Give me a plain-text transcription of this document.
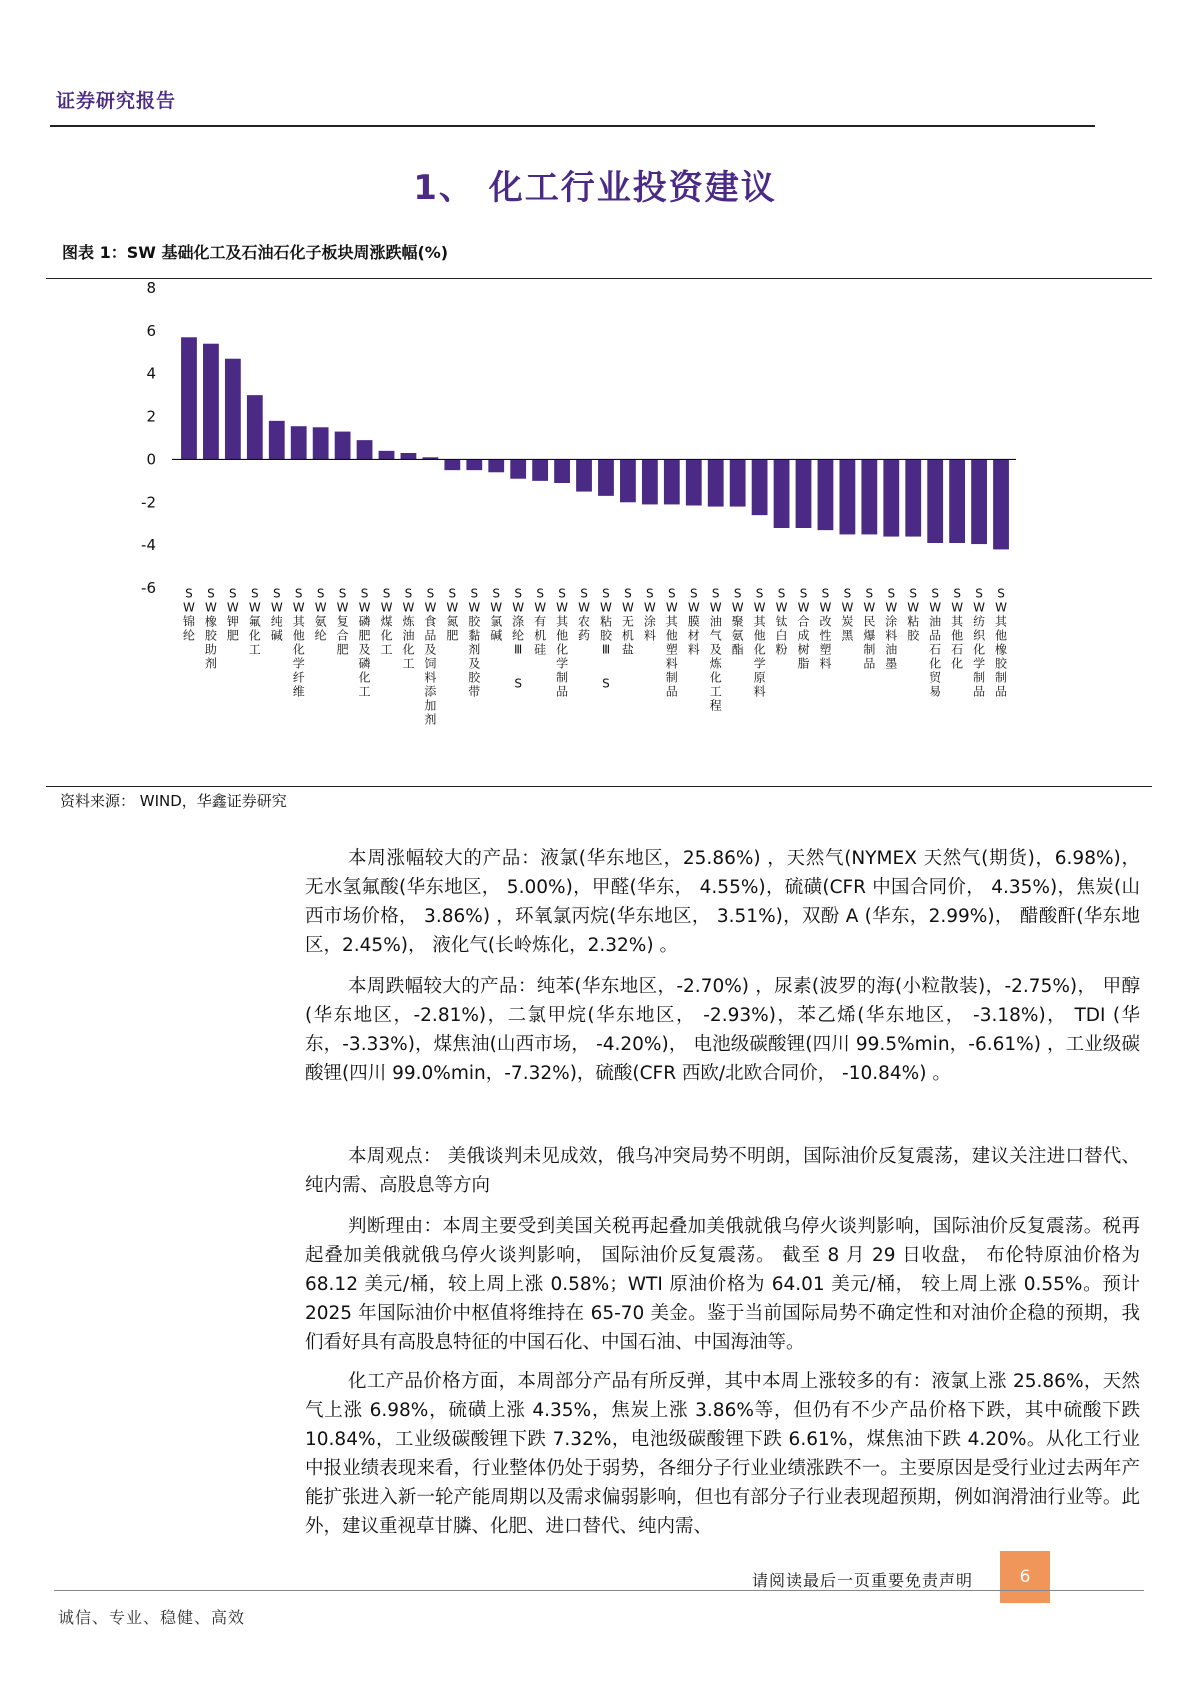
证券研究报告
1、 化工行业投资建议
图表 1：SW 基础化工及石油石化子板块周涨跌幅(%)
8
6
4
2
0
-2
-4
-6 S
W
锦
纶
S
W
橡
胶
助
剂
S
W
钾
肥
S
W
氟
化
工
S
W
纯
碱
S
W
其
他
化
学
纤
维
S
W
氨
纶
S
W
复
合
肥
S
W
磷
肥
及
磷
化
工
S
W
煤
化
工
S
W
炼
油
化
工
S
W
食
品
及
饲
料
添
加
剂
S
W
氮
肥
S
W
胶
黏
剂
及
胶
带
S
W
氯
碱
S
W
涤
纶
Ⅲ
S
S
W
有
机
硅
S
W
其
他
化
学
制
品
S
W
农
药
S
W
粘
胶
Ⅲ
S
S
W
无
机
盐
S
W
涂
料
S
W
其
他
塑
料
制
品
S
W
膜
材
料
S
W
油
气
及
炼
化
工
程
S
W
聚
氨
酯
S
W
其
他
化
学
原
料
S
W
钛
白
粉
S
W
合
成
树
脂
S
W
改
性
塑
料
S
W
炭
黑
S
W
民
爆
制
品
S
W
涂
料
油
墨
S
W
粘
胶
S
W
油
品
石
化
贸
易
S
W
其
他
石
化
S
W
纺
织
化
学
制
品
S
W
其
他
橡
胶
制
品
资料来源： WIND，华鑫证券研究

本周涨幅较大的产品：液氯(华东地区，25.86%) ，天然气(NYMEX 天然气(期货)，6.98%)， 无水氢氟酸(华东地区， 5.00%)，甲醛(华东， 4.55%)，硫磺(CFR 中国合同价， 4.35%)，焦炭(山西市场价格， 3.86%) ，环氧氯丙烷(华东地区， 3.51%)，双酚 A (华东，2.99%)， 醋酸酐(华东地区，2.45%)， 液化气(长岭炼化，2.32%) 。

本周跌幅较大的产品：纯苯(华东地区，-2.70%) ，尿素(波罗的海(小粒散装)，-2.75%)， 甲醇(华东地区，-2.81%)，二氯甲烷(华东地区， -2.93%)，苯乙烯(华东地区， -3.18%)， TDI (华东，-3.33%)，煤焦油(山西市场， -4.20%)， 电池级碳酸锂(四川 99.5%min，-6.61%) ，工业级碳酸锂(四川 99.0%min，-7.32%)，硫酸(CFR 西欧/北欧合同价， -10.84%) 。

本周观点： 美俄谈判未见成效，俄乌冲突局势不明朗，国际油价反复震荡，建议关注进口替代、纯内需、高股息等方向

判断理由：本周主要受到美国关税再起叠加美俄就俄乌停火谈判影响，国际油价反复震荡。税再起叠加美俄就俄乌停火谈判影响， 国际油价反复震荡。 截至 8 月 29 日收盘， 布伦特原油价格为 68.12 美元/桶，较上周上涨 0.58%；WTI 原油价格为 64.01 美元/桶， 较上周上涨 0.55%。预计 2025 年国际油价中枢值将维持在 65-70 美金。鉴于当前国际局势不确定性和对油价企稳的预期，我们看好具有高股息特征的中国石化、中国石油、中国海油等。

化工产品价格方面，本周部分产品有所反弹，其中本周上涨较多的有：液氯上涨 25.86%，天然气上涨 6.98%，硫磺上涨 4.35%，焦炭上涨 3.86%等，但仍有不少产品价格下跌，其中硫酸下跌 10.84%，工业级碳酸锂下跌 7.32%，电池级碳酸锂下跌 6.61%，煤焦油下跌 4.20%。从化工行业中报业绩表现来看，行业整体仍处于弱势，各细分子行业业绩涨跌不一。主要原因是受行业过去两年产能扩张进入新一轮产能周期以及需求偏弱影响，但也有部分子行业表现超预期，例如润滑油行业等。此外，建议重视草甘膦、化肥、进口替代、纯内需、

请阅读最后一页重要免责声明	6
诚信、专业、稳健、高效
